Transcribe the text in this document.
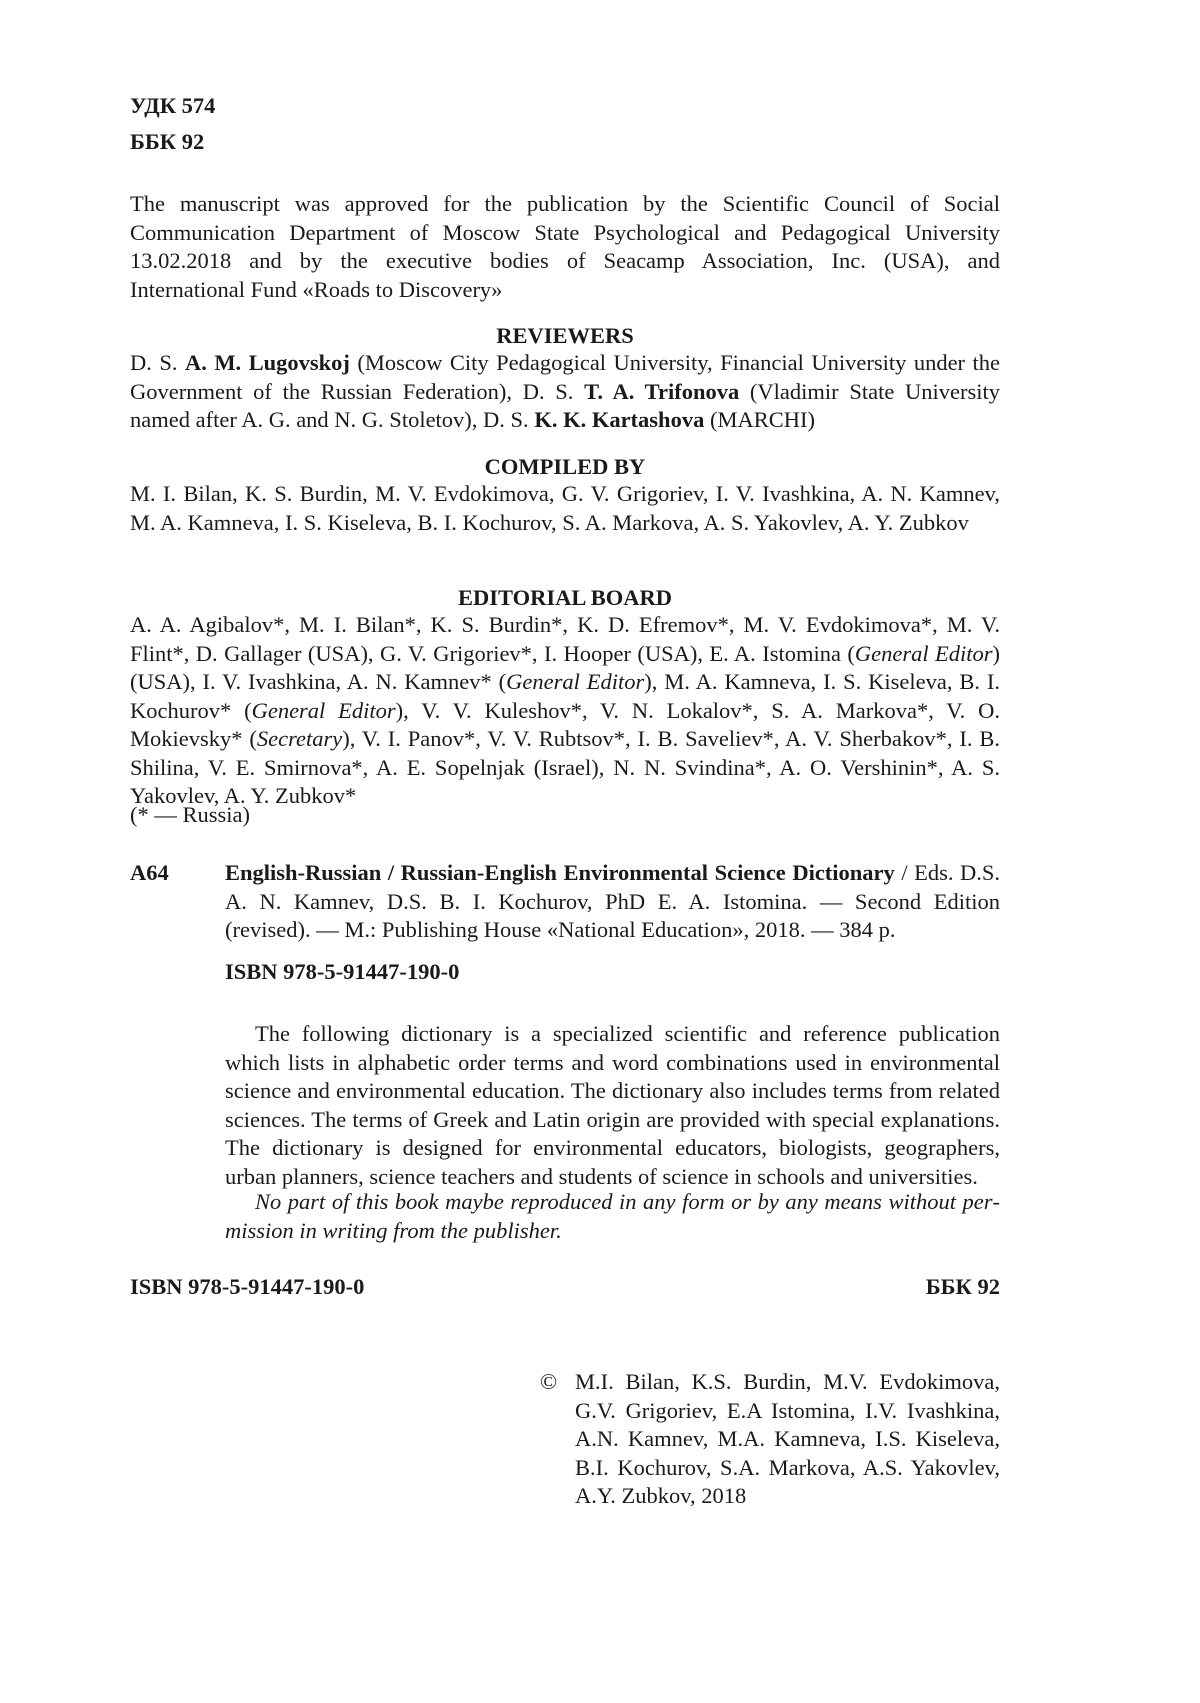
УДК 574
ББК 92
The manuscript was approved for the publication by the Scientific Council of Social
Communication Department of Moscow State Psychological and Pedagogical University
13.02.2018 and by the executive bodies of Seacamp Association, Inc. (USA), and
International Fund «Roads to Discovery»
REVIEWERS
D. S. A. M. Lugovskoj (Moscow City Pedagogical University, Financial University under the Government of the Russian Federation), D. S. T. A. Trifonova (Vladimir State University named after A. G. and N. G. Stoletov), D. S. K. K. Kartashova (MARCHI)
COMPILED BY
M. I. Bilan, K. S. Burdin, M. V. Evdokimova, G. V. Grigoriev, I. V. Ivashkina, A. N. Kamnev, M. A. Kamneva, I. S. Kiseleva, B. I. Kochurov, S. A. Markova, A. S. Yakovlev, A. Y. Zubkov
EDITORIAL BOARD
A. A. Agibalov*, M. I. Bilan*, K. S. Burdin*, K. D. Efremov*, M. V. Evdokimova*, M. V. Flint*, D. Gallager (USA), G. V. Grigoriev*, I. Hooper (USA), E. A. Istomina (General Editor) (USA), I. V. Ivashkina, A. N. Kamnev* (General Editor), M. A. Kamneva, I. S. Kiseleva, B. I. Kochurov* (General Editor), V. V. Kuleshov*, V. N. Lokalov*, S. A. Markova*, V. O. Mokievsky* (Secretary), V. I. Panov*, V. V. Rubtsov*, I. B. Saveliev*, A. V. Sherbakov*, I. B. Shilina, V. E. Smirnova*, A. E. Sopelnjak (Israel), N. N. Svindina*, A. O. Vershinin*, A. S. Yakovlev, A. Y. Zubkov*
(* — Russia)
A64	English-Russian / Russian-English Environmental Science Dictionary / Eds. D.S. A. N. Kamnev, D.S. B. I. Kochurov, PhD E. A. Istomina. — Second Edition (revised). — M.: Publishing House «National Education», 2018. — 384 p.
ISBN 978-5-91447-190-0
The following dictionary is a specialized scientific and reference publication which lists in alphabetic order terms and word combinations used in environmental science and environmental education. The dictionary also includes terms from related sciences. The terms of Greek and Latin origin are provided with special explanations. The dictionary is designed for environmental educators, biologists, geographers, urban planners, science teachers and students of science in schools and universities.
No part of this book maybe reproduced in any form or by any means without permission in writing from the publisher.
ISBN 978-5-91447-190-0	ББК 92
© M.I. Bilan, K.S. Burdin, M.V. Evdokimova, G.V. Grigoriev, E.A Istomina, I.V. Ivashkina, A.N. Kamnev, M.A. Kamneva, I.S. Kiseleva, B.I. Kochurov, S.A. Markova, A.S. Yakovlev, A.Y. Zubkov, 2018
